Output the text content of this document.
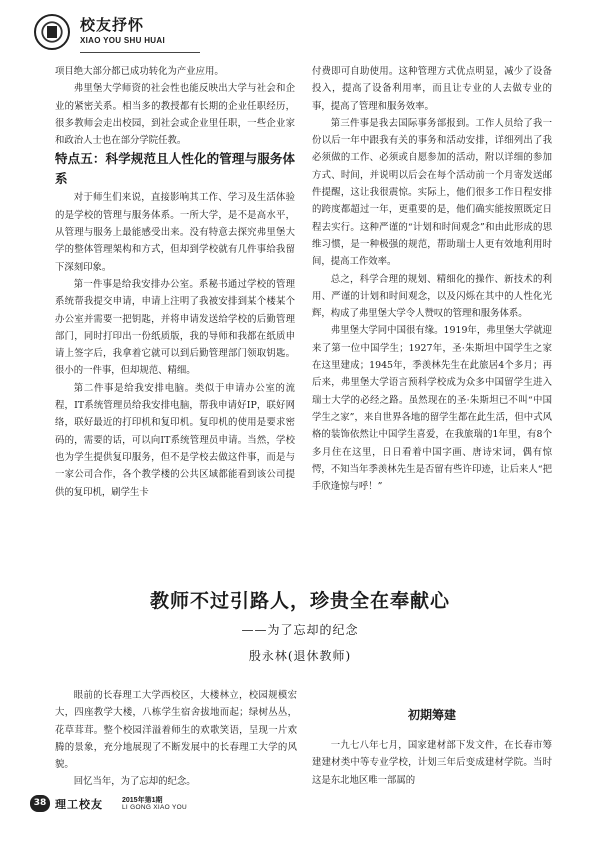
校友抒怀
XIAO YOU SHU HUAI

项目绝大部分都已成功转化为产业应用。

弗里堡大学师资的社会性也能反映出大学与社会和企业的紧密关系。相当多的教授都有长期的企业任职经历，很多教师会走出校园，到社会或企业里任职，一些企业家和政治人士也在部分学院任教。

特点五：科学规范且人性化的管理与服务体系

对于师生们来说，直接影响其工作、学习及生活体验的是学校的管理与服务体系。一所大学，是不是高水平，从管理与服务上最能感受出来。没有特意去探究弗里堡大学的整体管理架构和方式，但却到学校就有几件事给我留下深刻印象。

第一件事是给我安排办公室。系秘书通过学校的管理系统帮我提交申请，申请上注明了我被安排到某个楼某个办公室并需要一把钥匙，并将申请发送给学校的后勤管理部门，同时打印出一份纸质版，我的导师和我都在纸质申请上签字后，我拿着它就可以到后勤管理部门领取钥匙。很小的一件事，但却规范、精细。

第二件事是给我安排电脑。类似于申请办公室的流程，IT系统管理员给我安排电脑，帮我申请好IP，联好网络，联好最近的打印机和复印机。复印机的使用是要求密码的，需要的话，可以向IT系统管理员申请。当然，学校也为学生提供复印服务，但不是学校去做这件事，而是与一家公司合作，各个教学楼的公共区域都能看到该公司提供的复印机，刷学生卡

付费即可自助使用。这种管理方式优点明显，减少了设备投入，提高了设备利用率，而且让专业的人去做专业的事，提高了管理和服务效率。

第三件事是我去国际事务部报到。工作人员给了我一份以后一年中跟我有关的事务和活动安排，详细列出了我必须做的工作、必须或自愿参加的活动，附以详细的参加方式、时间，并说明以后会在每个活动前一个月寄发送邮件提醒，这让我很震惊。实际上，他们很多工作日程安排的跨度都超过一年，更重要的是，他们确实能按照既定日程去实行。这种严谨的“计划和时间观念”和由此形成的思维习惯，是一种极强的规范，帮助瑞士人更有效地利用时间，提高工作效率。

总之，科学合理的规划、精细化的操作、新技术的利用、严谨的计划和时间观念，以及闪烁在其中的人性化光辉，构成了弗里堡大学令人赞叹的管理和服务体系。

弗里堡大学同中国很有缘。1919年，弗里堡大学就迎来了第一位中国学生；1927年，圣·朱斯坦中国学生之家在这里建成；1945年，季羡林先生在此旅居4个多月；再后来，弗里堡大学语言预科学校成为众多中国留学生进入瑞士大学的必经之路。虽然现在的圣·朱斯坦已不叫“中国学生之家”，来自世界各地的留学生都在此生活，但中式风格的装饰依然让中国学生喜爱，在我旅瑞的1年里，有8个多月住在这里，日日看着中国字画、唐诗宋词，偶有惊愕，不知当年季羡林先生是否留有些许印迹，让后来人“把手欣逢惊与呼！”

教师不过引路人，珍贵全在奉献心
——为了忘却的纪念
殷永林(退休教师)

眼前的长春理工大学西校区，大楼林立，校园规模宏大，四座教学大楼，八栋学生宿舍拔地而起；绿树丛丛，花草茸茸。整个校园洋溢着师生的欢歌笑语，呈现一片欢腾的景象，充分地展现了不断发展中的长春理工大学的风貌。

回忆当年，为了忘却的纪念。

初期筹建

一九七八年七月，国家建材部下发文件，在长春市筹建建材类中等专业学校，计划三年后变成建材学院。当时这是东北地区唯一部属的

38 理工校友	2015年第1期
LI GONG XIAO YOU
